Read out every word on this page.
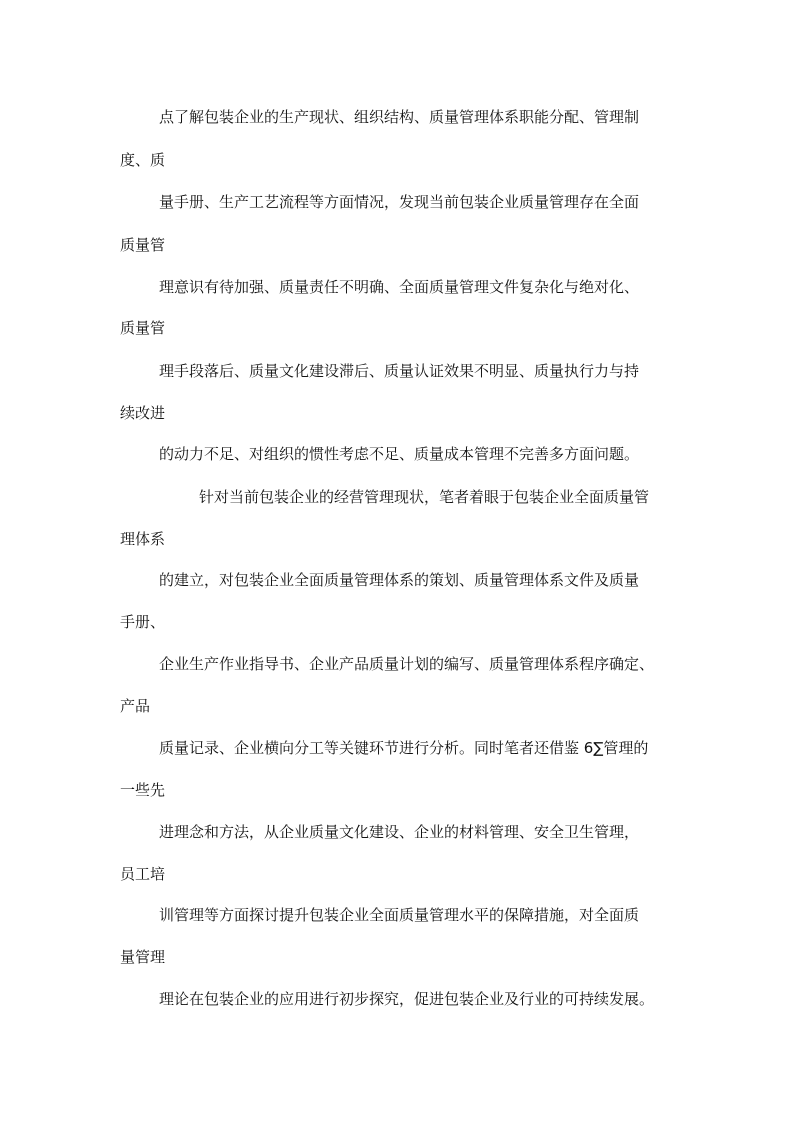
点了解包装企业的生产现状、组织结构、质量管理体系职能分配、管理制
度、质
量手册、生产工艺流程等方面情况，发现当前包装企业质量管理存在全面
质量管
理意识有待加强、质量责任不明确、全面质量管理文件复杂化与绝对化、
质量管
理手段落后、质量文化建设滞后、质量认证效果不明显、质量执行力与持
续改进
的动力不足、对组织的惯性考虑不足、质量成本管理不完善多方面问题。
针对当前包装企业的经营管理现状，笔者着眼于包装企业全面质量管
理体系
的建立，对包装企业全面质量管理体系的策划、质量管理体系文件及质量
手册、
企业生产作业指导书、企业产品质量计划的编写、质量管理体系程序确定、
产品
质量记录、企业横向分工等关键环节进行分析。同时笔者还借鉴 6∑管理的
一些先
进理念和方法，从企业质量文化建设、企业的材料管理、安全卫生管理，
员工培
训管理等方面探讨提升包装企业全面质量管理水平的保障措施，对全面质
量管理
理论在包装企业的应用进行初步探究，促进包装企业及行业的可持续发展。
